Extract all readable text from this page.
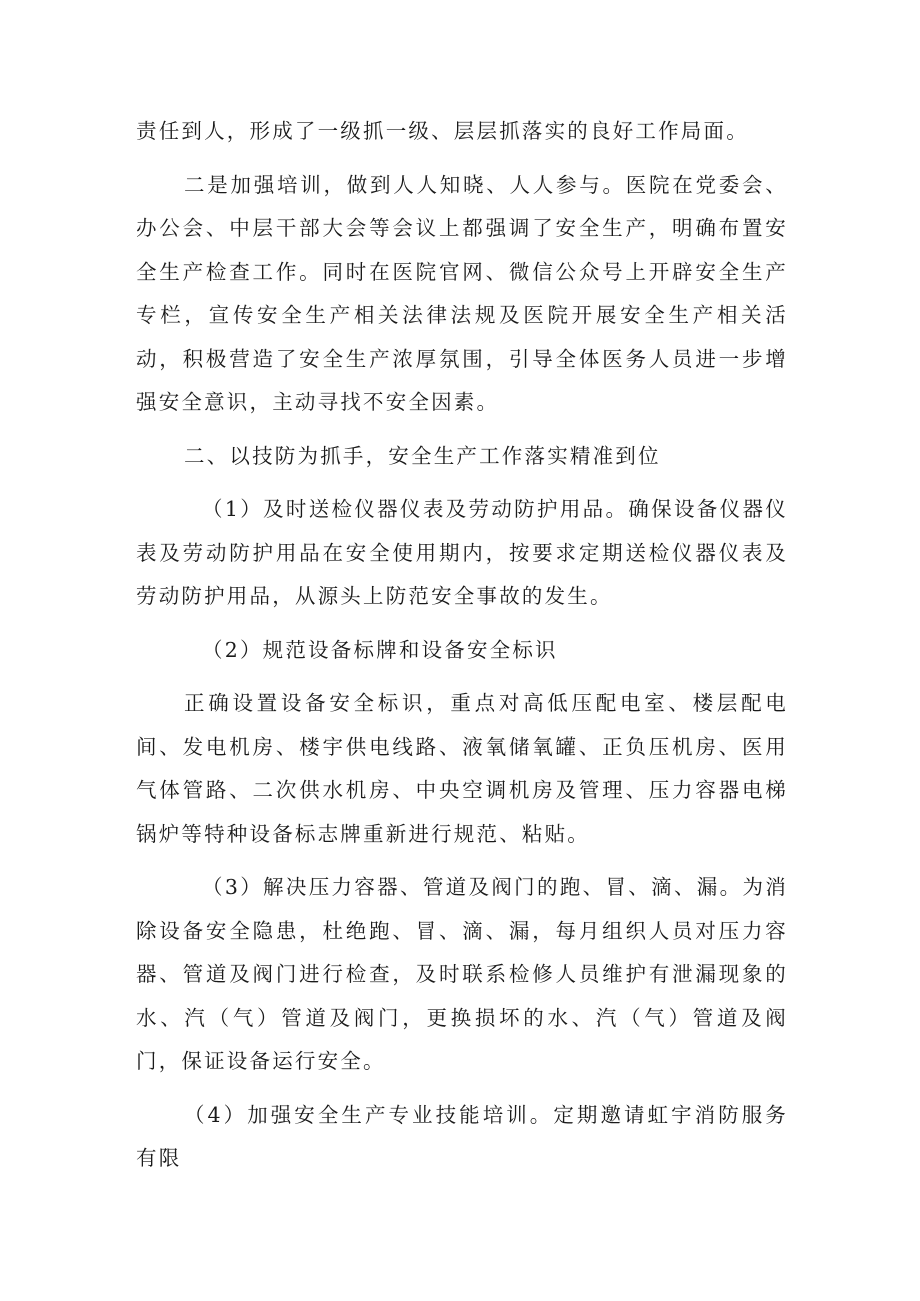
责任到人，形成了一级抓一级、层层抓落实的良好工作局面。

二是加强培训，做到人人知晓、人人参与。医院在党委会、办公会、中层干部大会等会议上都强调了安全生产，明确布置安全生产检查工作。同时在医院官网、微信公众号上开辟安全生产专栏，宣传安全生产相关法律法规及医院开展安全生产相关活动，积极营造了安全生产浓厚氛围，引导全体医务人员进一步增强安全意识，主动寻找不安全因素。

二、以技防为抓手，安全生产工作落实精准到位

（1）及时送检仪器仪表及劳动防护用品。确保设备仪器仪表及劳动防护用品在安全使用期内，按要求定期送检仪器仪表及劳动防护用品，从源头上防范安全事故的发生。

（2）规范设备标牌和设备安全标识

正确设置设备安全标识，重点对高低压配电室、楼层配电间、发电机房、楼宇供电线路、液氧储氧罐、正负压机房、医用气体管路、二次供水机房、中央空调机房及管理、压力容器电梯锅炉等特种设备标志牌重新进行规范、粘贴。

（3）解决压力容器、管道及阀门的跑、冒、滴、漏。为消除设备安全隐患，杜绝跑、冒、滴、漏，每月组织人员对压力容器、管道及阀门进行检查，及时联系检修人员维护有泄漏现象的水、汽（气）管道及阀门，更换损坏的水、汽（气）管道及阀门，保证设备运行安全。

（4）加强安全生产专业技能培训。定期邀请虹宇消防服务有限
